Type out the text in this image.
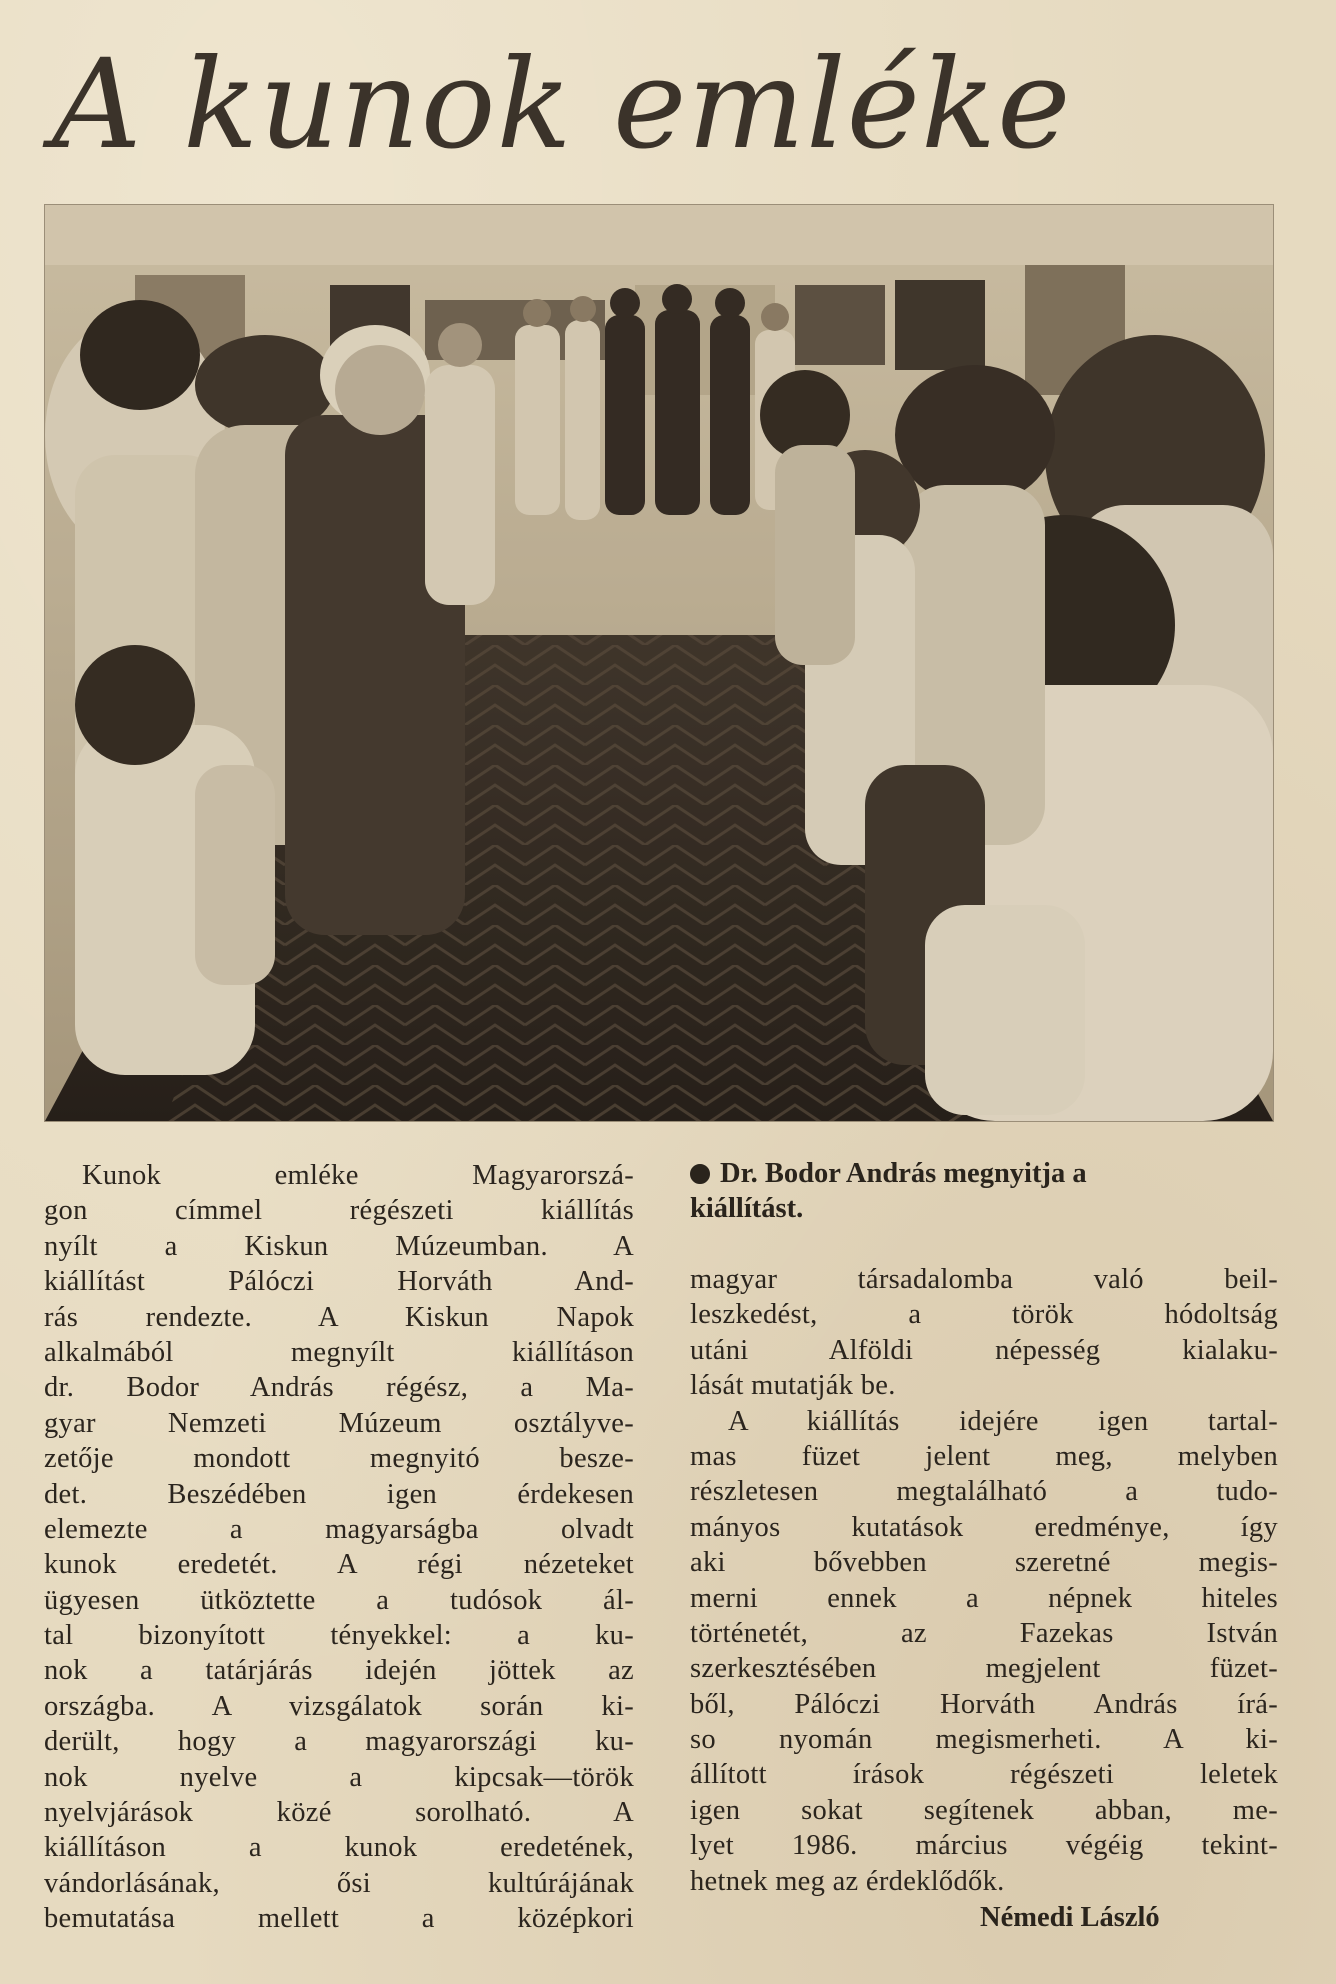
A kunok emléke
Kunok emléke Magyarorszá-
gon címmel régészeti kiállítás
nyílt a Kiskun Múzeumban. A
kiállítást Pálóczi Horváth And-
rás rendezte. A Kiskun Napok
alkalmából megnyílt kiállításon
dr. Bodor András régész, a Ma-
gyar Nemzeti Múzeum osztályve-
zetője mondott megnyitó besze-
det. Beszédében igen érdekesen
elemezte a magyarságba olvadt
kunok eredetét. A régi nézeteket
ügyesen ütköztette a tudósok ál-
tal bizonyított tényekkel: a ku-
nok a tatárjárás idején jöttek az
országba. A vizsgálatok során ki-
derült, hogy a magyarországi ku-
nok nyelve a kipcsak—török
nyelvjárások közé sorolható. A
kiállításon a kunok eredetének,
vándorlásának, ősi kultúrájának
bemutatása mellett a középkori
Dr. Bodor András megnyitja a
kiállítást.
magyar társadalomba való beil-
leszkedést, a török hódoltság
utáni Alföldi népesség kialaku-
lását mutatják be.
A kiállítás idejére igen tartal-
mas füzet jelent meg, melyben
részletesen megtalálható a tudo-
mányos kutatások eredménye, így
aki bővebben szeretné megis-
merni ennek a népnek hiteles
történetét, az Fazekas István
szerkesztésében megjelent füzet-
ből, Pálóczi Horváth András írá-
so nyomán megismerheti. A ki-
állított írások régészeti leletek
igen sokat segítenek abban, me-
lyet 1986. március végéig tekint-
hetnek meg az érdeklődők.
Némedi László
